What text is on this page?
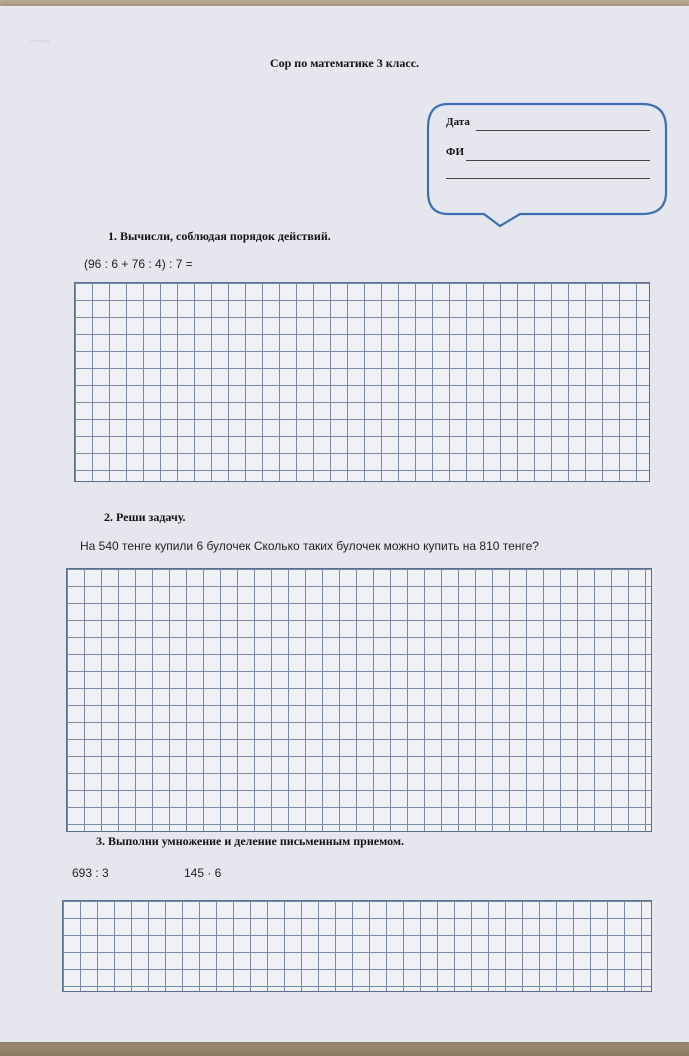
~~~
Сор по математике 3 класс.
Дата
ФИ
1. Вычисли, соблюдая порядок действий.
(96 : 6 + 76 : 4) : 7 =
2. Реши задачу.
На 540 тенге купили 6 булочек Сколько таких булочек можно купить на 810 тенге?
3. Выполни умножение и деление письменным приемом.
693 : 3	145 · 6
